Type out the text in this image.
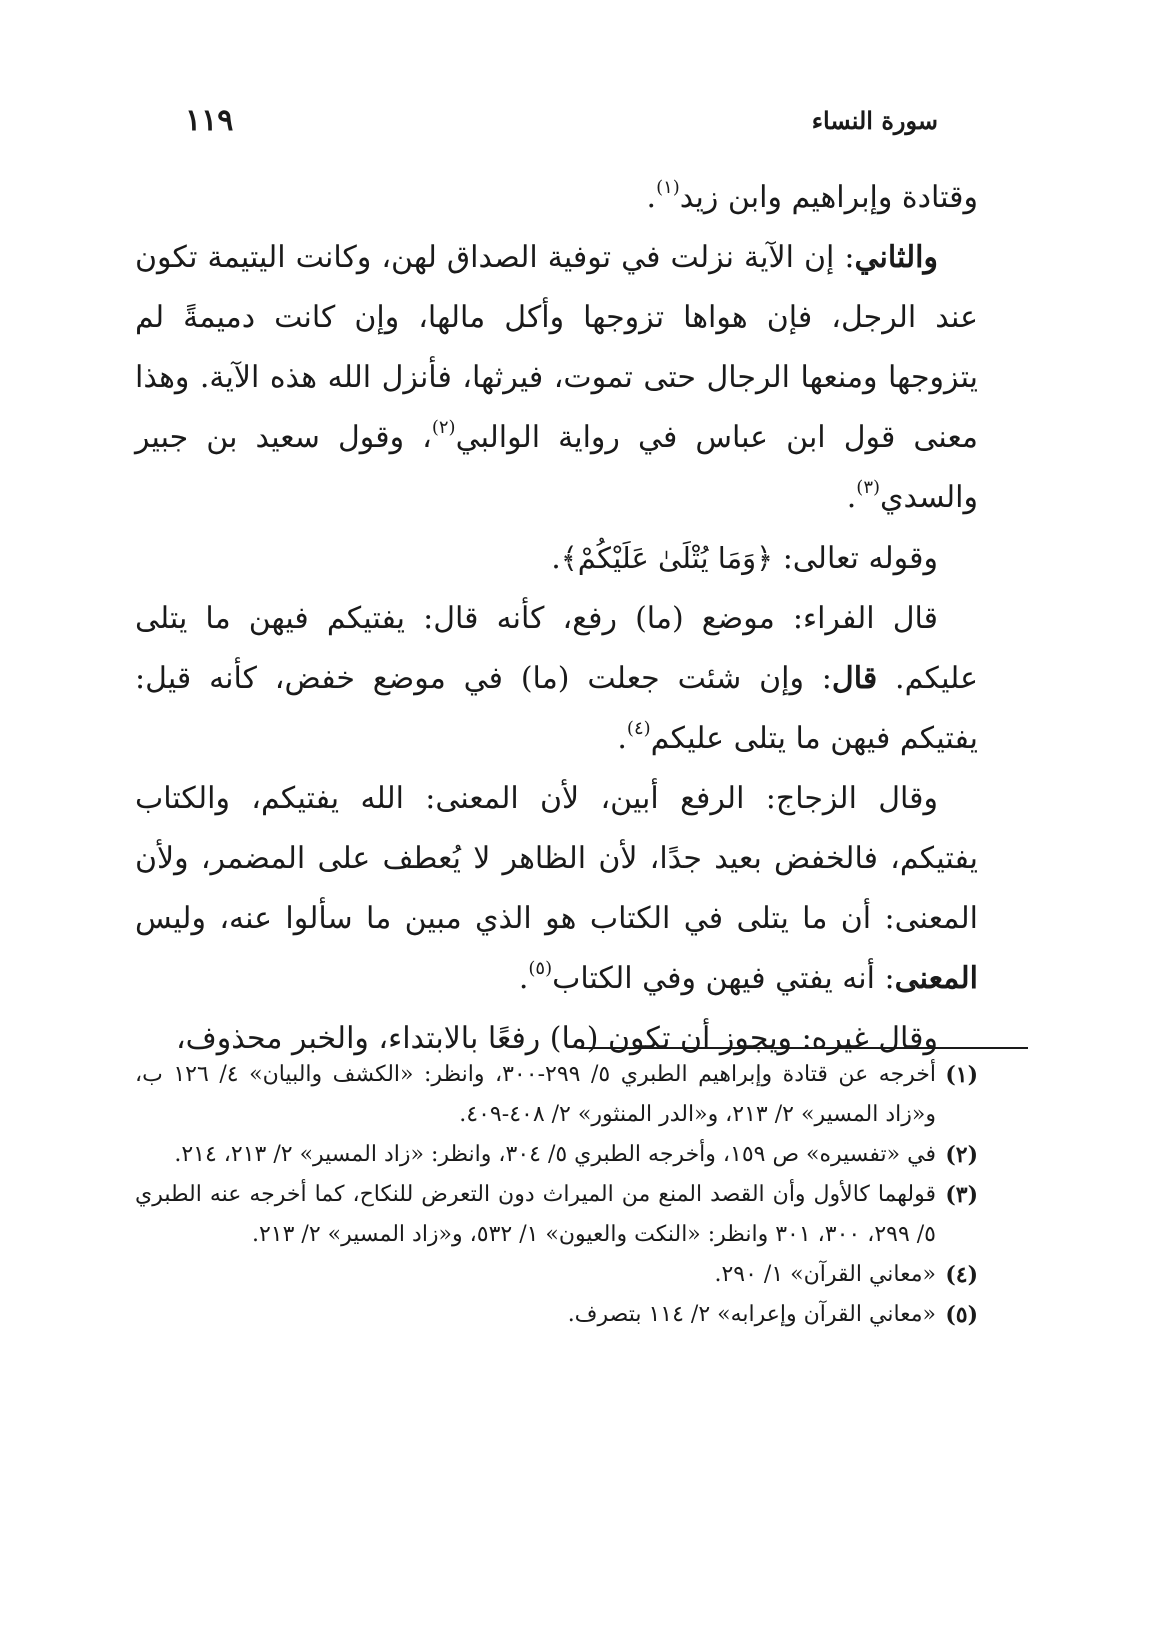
سورة النساء
١١٩

وقتادة وإبراهيم وابن زيد$^{(١)}$.

والثاني: إن الآية نزلت في توفية الصداق لهن، وكانت اليتيمة تكون عند الرجل، فإن هواها تزوجها وأكل مالها، وإن كانت دميمةً لم يتزوجها ومنعها الرجال حتى تموت، فيرثها، فأنزل الله هذه الآية. وهذا معنى قول ابن عباس في رواية الوالبي$^{(٢)}$، وقول سعيد بن جبير والسدي$^{(٣)}$.

وقوله تعالى: ﴿وَمَا يُتْلَىٰ عَلَيْكُمْ﴾.

قال الفراء: موضع (ما) رفع، كأنه قال: يفتيكم فيهن ما يتلى عليكم. قال: وإن شئت جعلت (ما) في موضع خفض، كأنه قيل: يفتيكم فيهن ما يتلى عليكم$^{(٤)}$.

وقال الزجاج: الرفع أبين، لأن المعنى: الله يفتيكم، والكتاب يفتيكم، فالخفض بعيد جدًا، لأن الظاهر لا يُعطف على المضمر، ولأن المعنى: أن ما يتلى في الكتاب هو الذي مبين ما سألوا عنه، وليس المعنى: أنه يفتي فيهن وفي الكتاب$^{(٥)}$.

وقال غيره: ويجوز أن تكون (ما) رفعًا بالابتداء، والخبر محذوف،

(١)
أخرجه عن قتادة وإبراهيم الطبري ٥/ ٢٩٩-٣٠٠، وانظر: «الكشف والبيان» ٤/ ١٢٦ ب، و«زاد المسير» ٢/ ٢١٣، و«الدر المنثور» ٢/ ٤٠٨-٤٠٩.
(٢)
في «تفسيره» ص ١٥٩، وأخرجه الطبري ٥/ ٣٠٤، وانظر: «زاد المسير» ٢/ ٢١٣، ٢١٤.
(٣)
قولهما كالأول وأن القصد المنع من الميراث دون التعرض للنكاح، كما أخرجه عنه الطبري ٥/ ٢٩٩، ٣٠٠، ٣٠١ وانظر: «النكت والعيون» ١/ ٥٣٢، و«زاد المسير» ٢/ ٢١٣.
(٤)
«معاني القرآن» ١/ ٢٩٠.
(٥)
«معاني القرآن وإعرابه» ٢/ ١١٤ بتصرف.
